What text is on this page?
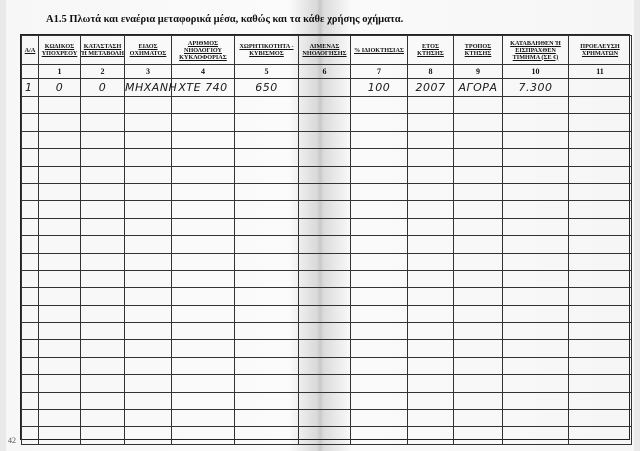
Α1.5 Πλωτά και εναέρια μεταφορικά μέσα, καθώς και τα κάθε χρήσης οχήματα.
Α/Α	ΚΩΔΙΚΟΣ ΥΠΟΧΡΕΟΥ	ΚΑΤΑΣΤΑΣΗ Ή ΜΕΤΑΒΟΛΗ	ΕΙΔΟΣ ΟΧΗΜΑΤΟΣ	ΑΡΙΘΜΟΣ ΝΗΟΛΟΓΙΟΥ ΚΥΚΛΟΦΟΡΙΑΣ	ΧΩΡΗΤΙΚΟΤΗΤΑ - ΚΥΒΙΣΜΟΣ	ΛΙΜΕΝΑΣ ΝΗΟΛΟΓΗΣΗΣ	% ΙΔΙΟΚΤΗΣΙΑΣ	ΕΤΟΣ ΚΤΗΣΗΣ	ΤΡΟΠΟΣ ΚΤΗΣΗΣ	ΚΑΤΑΒΛΗΘΕΝ Ή ΕΙΣΠΡΑΧΘΕΝ ΤΙΜΗΜΑ (ΣΕ €)	ΠΡΟΕΛΕΥΣΗ ΧΡΗΜΑΤΩΝ
	1	2	3	4	5	6	7	8	9	10	11
1	0	0	ΜΗΧΑΝΗ	ΧΤΕ 740	650		100	2007	ΑΓΟΡΑ	7.300	

42
